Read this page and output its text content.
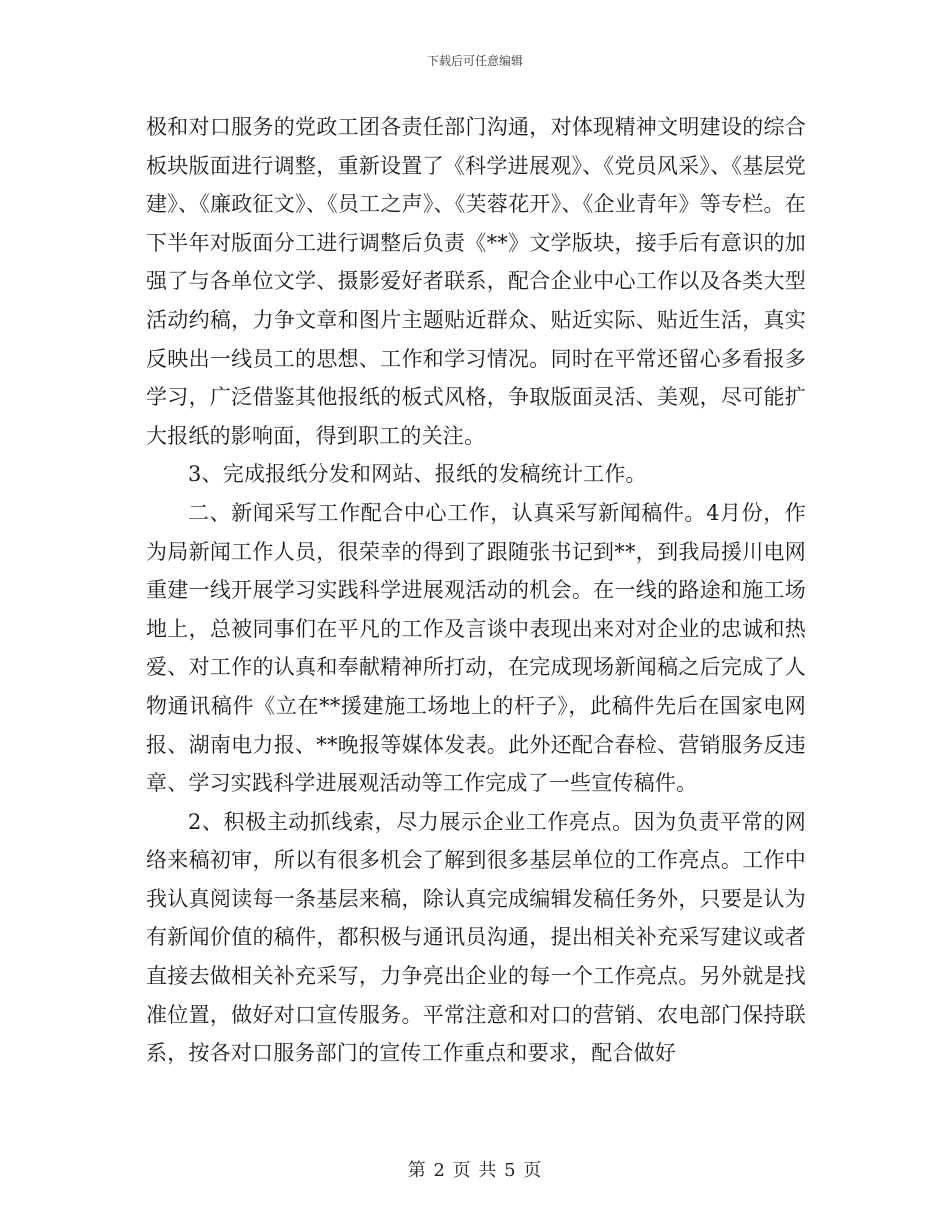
下载后可任意编辑

极和对口服务的党政工团各责任部门沟通，对体现精神文明建设的综合板块版面进行调整，重新设置了《科学进展观》、《党员风采》、《基层党建》、《廉政征文》、《员工之声》、《芙蓉花开》、《企业青年》等专栏。在下半年对版面分工进行调整后负责《**》文学版块，接手后有意识的加强了与各单位文学、摄影爱好者联系，配合企业中心工作以及各类大型活动约稿，力争文章和图片主题贴近群众、贴近实际、贴近生活，真实反映出一线员工的思想、工作和学习情况。同时在平常还留心多看报多学习，广泛借鉴其他报纸的板式风格，争取版面灵活、美观，尽可能扩大报纸的影响面，得到职工的关注。

3、完成报纸分发和网站、报纸的发稿统计工作。

二、新闻采写工作配合中心工作，认真采写新闻稿件。4月份，作为局新闻工作人员，很荣幸的得到了跟随张书记到**，到我局援川电网重建一线开展学习实践科学进展观活动的机会。在一线的路途和施工场地上，总被同事们在平凡的工作及言谈中表现出来对对企业的忠诚和热爱、对工作的认真和奉献精神所打动，在完成现场新闻稿之后完成了人物通讯稿件《立在**援建施工场地上的杆子》，此稿件先后在国家电网报、湖南电力报、**晚报等媒体发表。此外还配合春检、营销服务反违章、学习实践科学进展观活动等工作完成了一些宣传稿件。

2、积极主动抓线索，尽力展示企业工作亮点。因为负责平常的网络来稿初审，所以有很多机会了解到很多基层单位的工作亮点。工作中我认真阅读每一条基层来稿，除认真完成编辑发稿任务外，只要是认为有新闻价值的稿件，都积极与通讯员沟通，提出相关补充采写建议或者直接去做相关补充采写，力争亮出企业的每一个工作亮点。另外就是找准位置，做好对口宣传服务。平常注意和对口的营销、农电部门保持联系，按各对口服务部门的宣传工作重点和要求，配合做好

第 2 页 共 5 页
